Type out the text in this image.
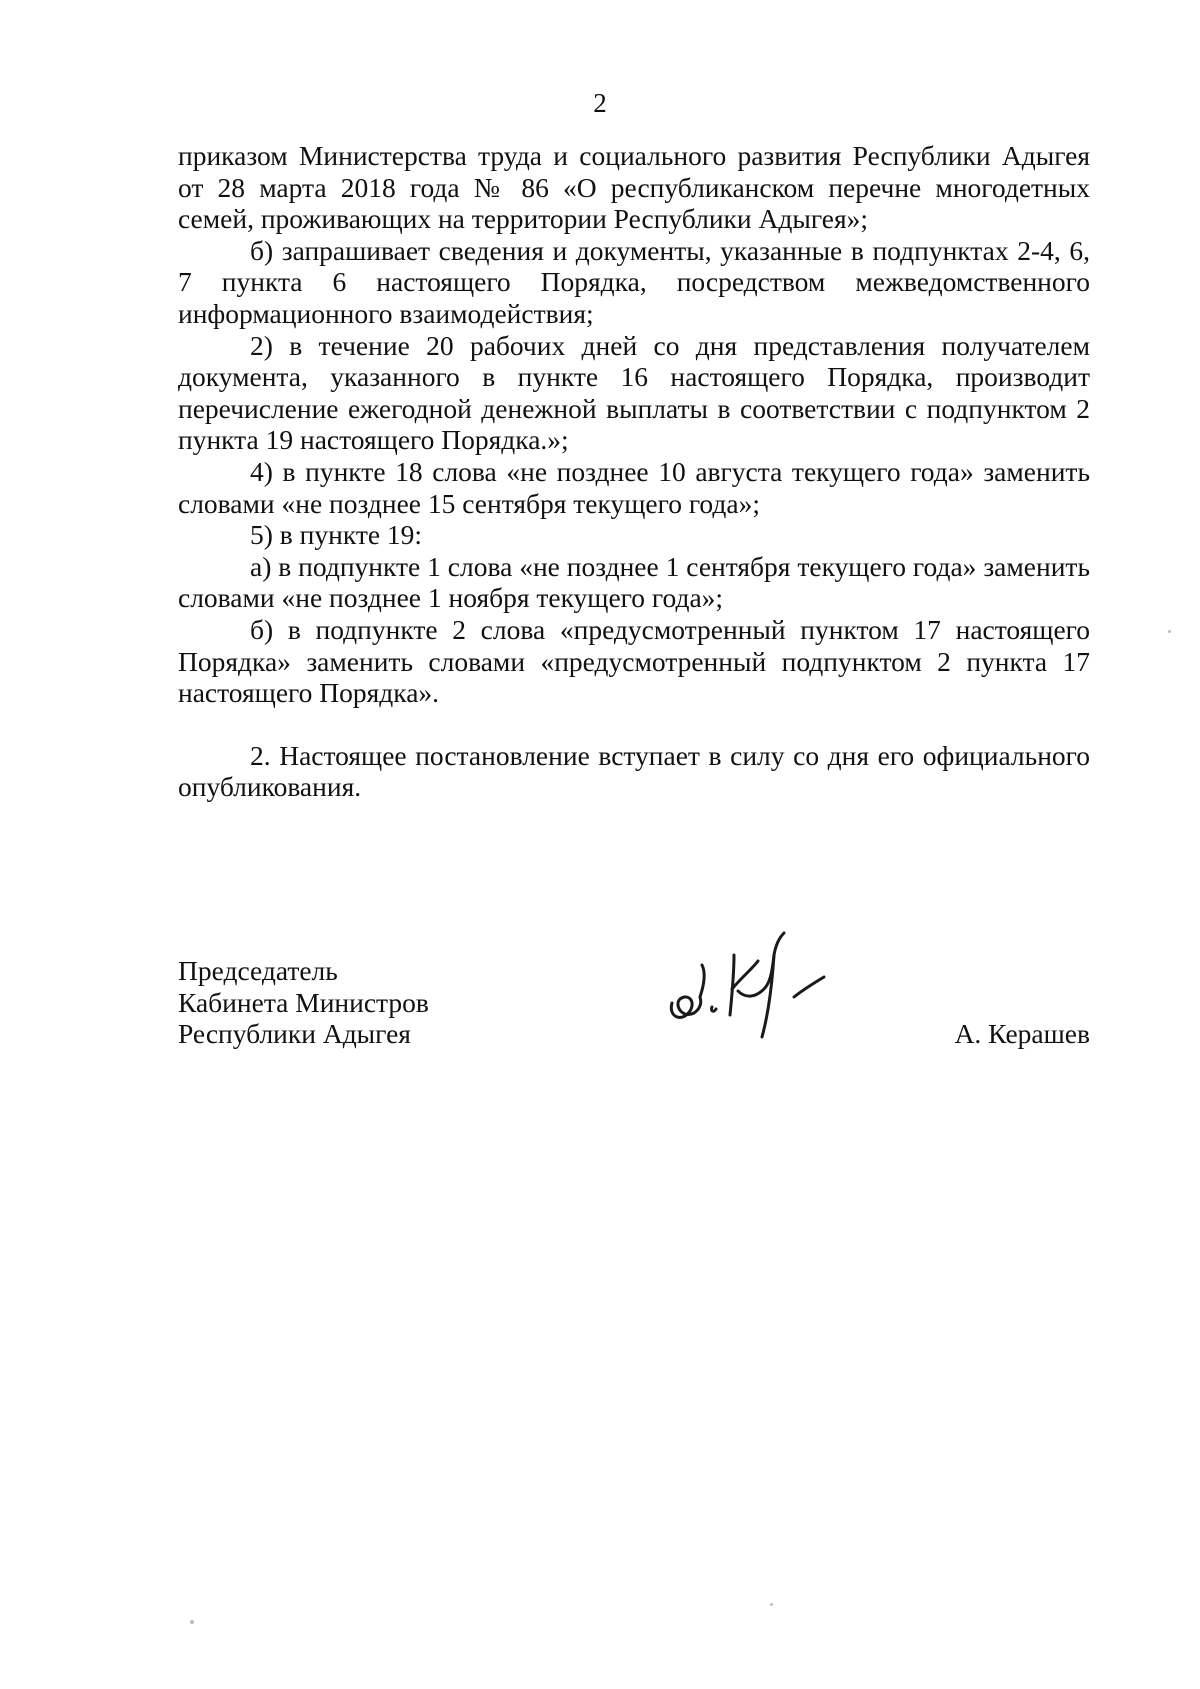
2

приказом Министерства труда и социального развития Республики Адыгея от 28 марта 2018 года № 86 «О республиканском перечне многодетных семей, проживающих на территории Республики Адыгея»;

б) запрашивает сведения и документы, указанные в подпунктах 2-4, 6, 7 пункта 6 настоящего Порядка, посредством межведомственного информационного взаимодействия;

2) в течение 20 рабочих дней со дня представления получателем документа, указанного в пункте 16 настоящего Порядка, производит перечисление ежегодной денежной выплаты в соответствии с подпунктом 2 пункта 19 настоящего Порядка.»;

4) в пункте 18 слова «не позднее 10 августа текущего года» заменить словами «не позднее 15 сентября текущего года»;

5) в пункте 19:

а) в подпункте 1 слова «не позднее 1 сентября текущего года» заменить словами «не позднее 1 ноября текущего года»;

б) в подпункте 2 слова «предусмотренный пунктом 17 настоящего Порядка» заменить словами «предусмотренный подпунктом 2 пункта 17 настоящего Порядка».

2. Настоящее постановление вступает в силу со дня его официального опубликования.

Председатель
Кабинета Министров
Республики Адыгея	А. Керашев
